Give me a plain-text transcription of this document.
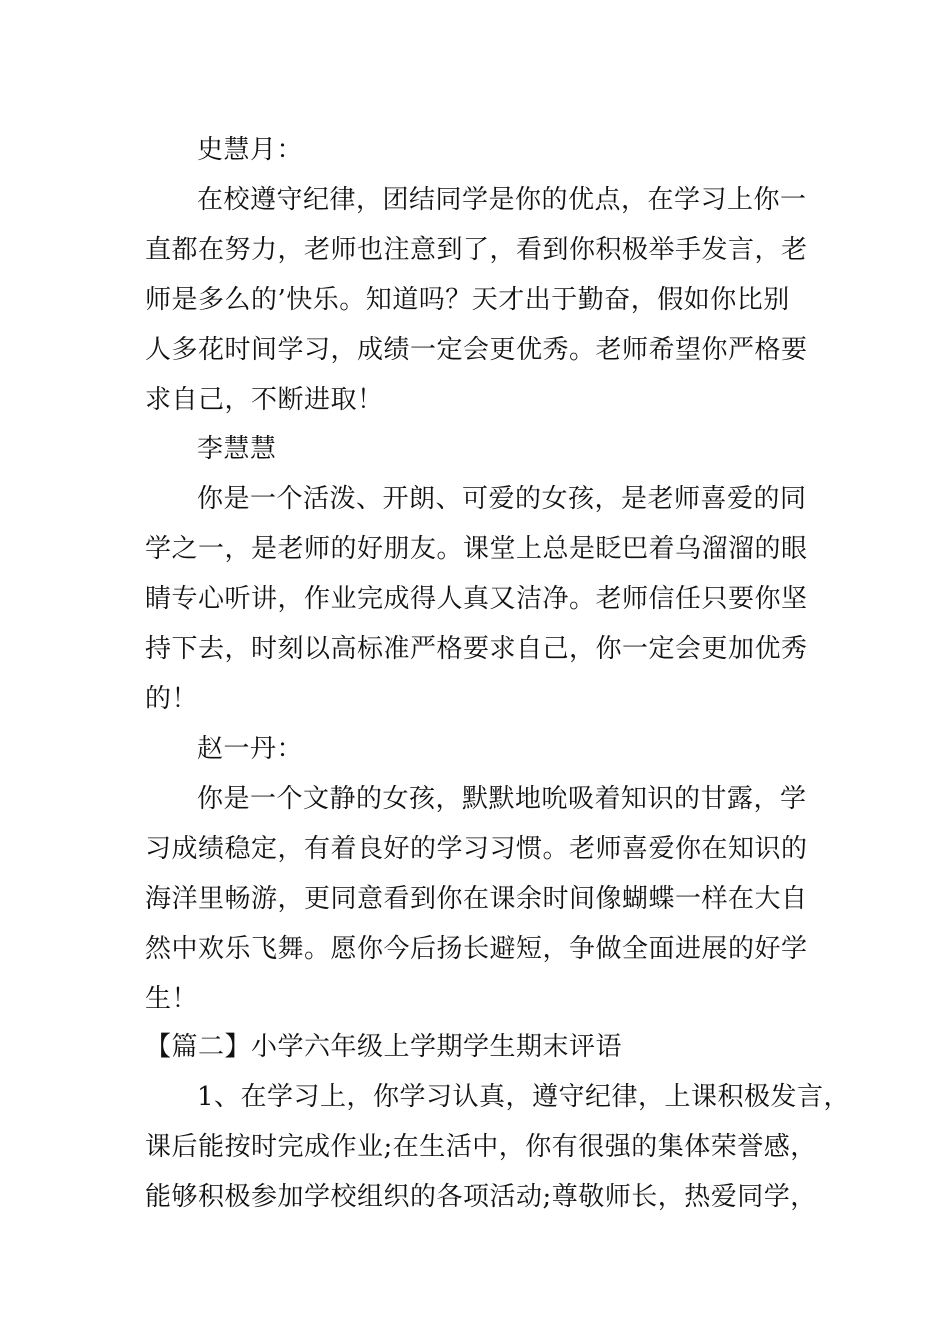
史慧月：
在校遵守纪律，团结同学是你的优点，在学习上你一
直都在努力，老师也注意到了，看到你积极举手发言，老
师是多么的’快乐。知道吗？天才出于勤奋，假如你比别
人多花时间学习，成绩一定会更优秀。老师希望你严格要
求自己，不断进取！
李慧慧
你是一个活泼、开朗、可爱的女孩，是老师喜爱的同
学之一，是老师的好朋友。课堂上总是眨巴着乌溜溜的眼
睛专心听讲，作业完成得人真又洁净。老师信任只要你坚
持下去，时刻以高标准严格要求自己，你一定会更加优秀
的！
赵一丹：
你是一个文静的女孩，默默地吮吸着知识的甘露，学
习成绩稳定，有着良好的学习习惯。老师喜爱你在知识的
海洋里畅游，更同意看到你在课余时间像蝴蝶一样在大自
然中欢乐飞舞。愿你今后扬长避短，争做全面进展的好学
生！
【篇二】小学六年级上学期学生期末评语
1、在学习上，你学习认真，遵守纪律，上课积极发言，
课后能按时完成作业;在生活中，你有很强的集体荣誉感，
能够积极参加学校组织的各项活动;尊敬师长，热爱同学，
